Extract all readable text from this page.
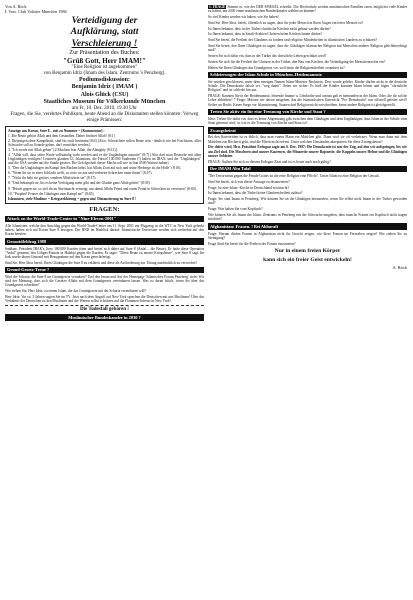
Von A. Röck
I. Vors. Club Voltaire München 1986
Verteidigung der
Aufklärung, statt
Verschleierung !
Zur Präsentation des Buches:
"Grüß Gott, Herr IMAM!"
"Eine Religion ist angekommen"
von Benjamin Idriz (Imam des Islam. Zentrums 's Penzberg).
Podiumsdiskussion:
Benjamin Idriz ( IMAM )
Alois Glück (CSU)
Staatliches Museum für Völkerkunde München
am Fr, 10. Dez. 2010, 19.30 Uhr
Fragen, die Sie, verehrtes Publikum, heute Abend an die Diskutanten stellen könnten: Vorweg einige Prämissen:
Auszüge aus Koran, Sure 8 – mit zu Nummer = [Kommentar] :
1. Die Beute gehört Allah und dem Gesandten. Daher fürchtet Allah! (8:1)
2. Diejenigen ohne Kampfkraft, sind für euch bestimmt (8:6) [Also, Schwächere sollen Beute sein - ähnlich wie bei Faschisten, alles Schwache soll zu Grunde gehen, darf vernichtet werden].
3. "Ich werde mit Allah geben" [2.Muslims fear Allah, the Almighty (8:12)].
4. "Allah will, dass seine Worte vollständig wahr werden und er die Ungläubigen ausrotte" (8:7) [Also darf man Deutsche mit allen Ungläubigen vertilgen? Letzteres glauben Ul. Islamisten, die Fatwa! 100.000 Studenten (!) halten im IRAN, und die "Ungläubigen" und die USA werden auf die Straße gesetzt. Die Gefolgschaft dieser Macht soll wie in Iran 6500 Waisen haben].
5. "Den die Ungläubigen im Kampf den Rücken kehrt, hat Allahs Zorn auf sich und seine Herberge ist die Hölle" (8:16).
6. "Wenn ihr sie in einer Schlacht trefft, so rotte sie aus und verbreite Schrecken unter ihnen" (8:57).
7. "Nicht ihr habt sie getötet, sondern Allah tötete sie" (8:17).
8. "Und bekämpft sie, bis es keine Verfolgung mehr gibt und der Glaube ganz Allah gehört" (8:39).
9. "Rüstet gegen sie, so viel ihr an Streitmacht vermögt, um damit Allahs Feind und euren Feind in Schrecken zu versetzen" (8:60).
10. "Prophet! Feuere die Gläubigen zum Kampf an!" (8:65)
Islamisten, viele Muslime = Kriegserklärung = gegen uns! Distanzierung zu Sure 8 !
FRAGEN:
Attack on the World-Trade-Center in "Nine-Eleven-2001"
Alle Islamisten, welche den Anschlag gegen das World-Trade-Center am 11. Sept. 2001 ein Flugzeug in die WTC in New York gelenkt haben, haben sich auf Koran Sure 8 bezogen. Der BND im Hinblick darauf: Islamistische Terroristen werden sich weiterhin auf den Koran berufen.
Genozidfeldzug 1988
Saddam, Präsident IRAK's, liess 100.000 Kurden töten und berief sich dabei auf Sure 8 (Anfal – die Beute). Er hatte diese Operation "Anfal" genannt, den Giftgas-Einsatz in Halabja gegen die Kurden. Er sagte: "Diese Beute ist unsere Kriegsbeute", wie Sure 8 sagt. Im Irak wurde dieser Genozid mit Bezugnahme auf den Koran gerechtfertigt.
Sind Sie, Herr Idriz bereit, Ihren Gläubigen die Sure 8 zu erklären und diese als Aufforderung zur Tötung ausdrücklich zu verwerfen?
Grund-Gesetz-Treue ?
Wird die Scharia, die Sure 8 im Grundgesetz verankert? Und den Imam und Auf der Homepage 'Islamisches Forum Penzberg' steht: Wir sind der Meinung, dass sich die Gesetze Allahs mit dem Grundgesetz vereinbaren lassen. Was ist daran falsch, wenn Sie über das Grundgesetz schreiben?
Wie stehen Sie, Herr Idriz, zu einem Islam, der das Grundgesetz mit der Scharia vereinbaren will?
Herr Idriz: Vor ca. 3 Jahren sagten Sie im TV: Jetzt nach dem Angriff auf New York sprechen die Deutschen mit uns Muslimen! Über das Verhältnis der Deutschen zu den Muslimen und der Werten selbst schickten auf die Flammen-Inferno in New York!
Die Todesfall gebären !
Muslimischer Bundeskanzler in 2030 ?
1. FRAGE Stimmt es, wie der DER SPIEGEL schreibt: Die Hochschule werden muslimischen Familien raten, möglichst viele Kinder zu haben, um 2030 einen muslimischen Bundeskanzler wählen zu können?
So viel Kinder werden wir haben, wie Sie haben!
Sind Sie, Herr Idriz, bereit, öffentlich zu sagen, dass für jeder Mensch in Ihren Augen ein freier Mensch ist?
Ist Ihnen bekannt, dass in der Türkei christliche Kirchen nicht gebaut werden dürfen?
Ist Ihnen bekannt, dass in Saudi-Arabien Christen keine Kirchen bauen dürfen?
Sind Sie bereit, die Freiheit des Glaubens zu fordern und religiöse Minderheiten in islamischen Ländern zu schützen?
Sind Sie bereit, den Ihren Gläubigen zu sagen, dass die Gläubigen islamischer Religion mit Menschen anderer Religion gleichberechtigt sind?
Setzen Sie sich dafür ein, dass in der Türkei das christliche Leben geschützt wird?
Setzen Sie sich für die Freiheit der Christen in der Türkei, den Bau von Kirchen, die Verteidigung der Menschenrechte ein?
Halten Sie Ihren Gläubigen das Grundgesetz vor, weil darin die Religionsfreiheit verankert ist?
Schleierungen der Islam Schule in München–Heidemannstr.
Sie wurden geschlossen, unter dem einzigen Namen Islam-Minister Beckstein. Dort wurde gelehrt, Kinder dürfen nicht in die deutsche Schule. Die Demokratie falsch sei, "weg damit". Seien wir sicher: Es hieß der Kinder konnten Islam lehren und fügen "christliche Religion" und ist schlecht hin aus.
FRAGE: Kannten Sie in der Heidemannstr. lehrende Imame u. Lehrkräfte und warum gab es niemanden in der Islam. Oder, die ihr solche Lehre abhielten? * Frage: Müssen wir davon ausgehen, das die islamistischen Unterricht "Pro Demokratie" nur offiziell geleitet wird? Sicher sei Recht: Keine Sorge vor Islamisierung, Staaten darf Religion nicht vorschreiben, keine andere Religion ist gleichgestellt.
Treten Sie aktiv ein für eine Trennung von Kirche und Staat ?
Idriz: Treten Sie dafür ein, dass es keine Abgrenzung gibt zwischen dem Gläubigen und dem Ungläubigen, dass Islam in der Schule vom Staat getrennt wird, so wie es die Trennung von Kirche und Staat ist?
Zwangsheirat
Bei den Konvertiten ist es üblich, dass man einem Mann ein Mädchen gibt. Dann wird sie oft verheiratet. Wenn man dann mit dem Mädchen zur Hochzeit geht, sind die Eltern nicht erfreut. Unter welchen Umständen akzeptieren Sie diese Zwangsheirat?
Der dritte wird, Hrn. Präsident Erdogan sagte am 6. Dez. 1997: Die Demokratie ist nur der Zug, auf den wir aufspringen, bis wir am Ziel sind. Die Moscheen sind unsere Kasernen, die Minarette unsere Bajonette, die Kuppeln unsere Helme und die Gläubigen unsere Soldaten
FRAGE: Äußern Sie sich zu diesem Erdogan-Zitat und ist es heute auch noch gültig?
Der IMAM Abu Talal
"Der Terrorismus gegen die Feinde Gottes ist die erste Religion eine Pflicht". Unser Islam ist eine Religion der Gewalt.
Sind Sie bereit, sich von dieser Aussage zu distanzieren?
Frage: Ist eine Islam- Kirche in Deutschland erwünscht?
Ist Ihnen bekannt, dass die Türkei keine Glaubensfreiheit zulässt?
Frage: Sie sind Imam in Penzberg. Wie können Sie an die Gläubigen herantreten, wenn Sie selbst nicht Imam in der Türkei geworden sind?
Frage: Was halten Sie vom Kopftuch?
Wie können Sie als Imam des Islam. Zentrums in Penzberg mit der Schwäche umgehen, dass manche Frauen ein Kopftuch nicht tragen möchten?
Afghanistan: Frauen. ! Bei Abbaraft
Frage: Warum dürfen Frauen in Afghanistan nicht ihr Gesicht zeigen, wie diese Frauen im Fernsehen zeigen? Wie stehen Sie zu Steinigung?
Frage Sind Sie bereit für die Freiheit der Frauen einzutreten?
Nur in einem freien Körper
kann sich ein freier Geist entwickeln!
A. Röck
